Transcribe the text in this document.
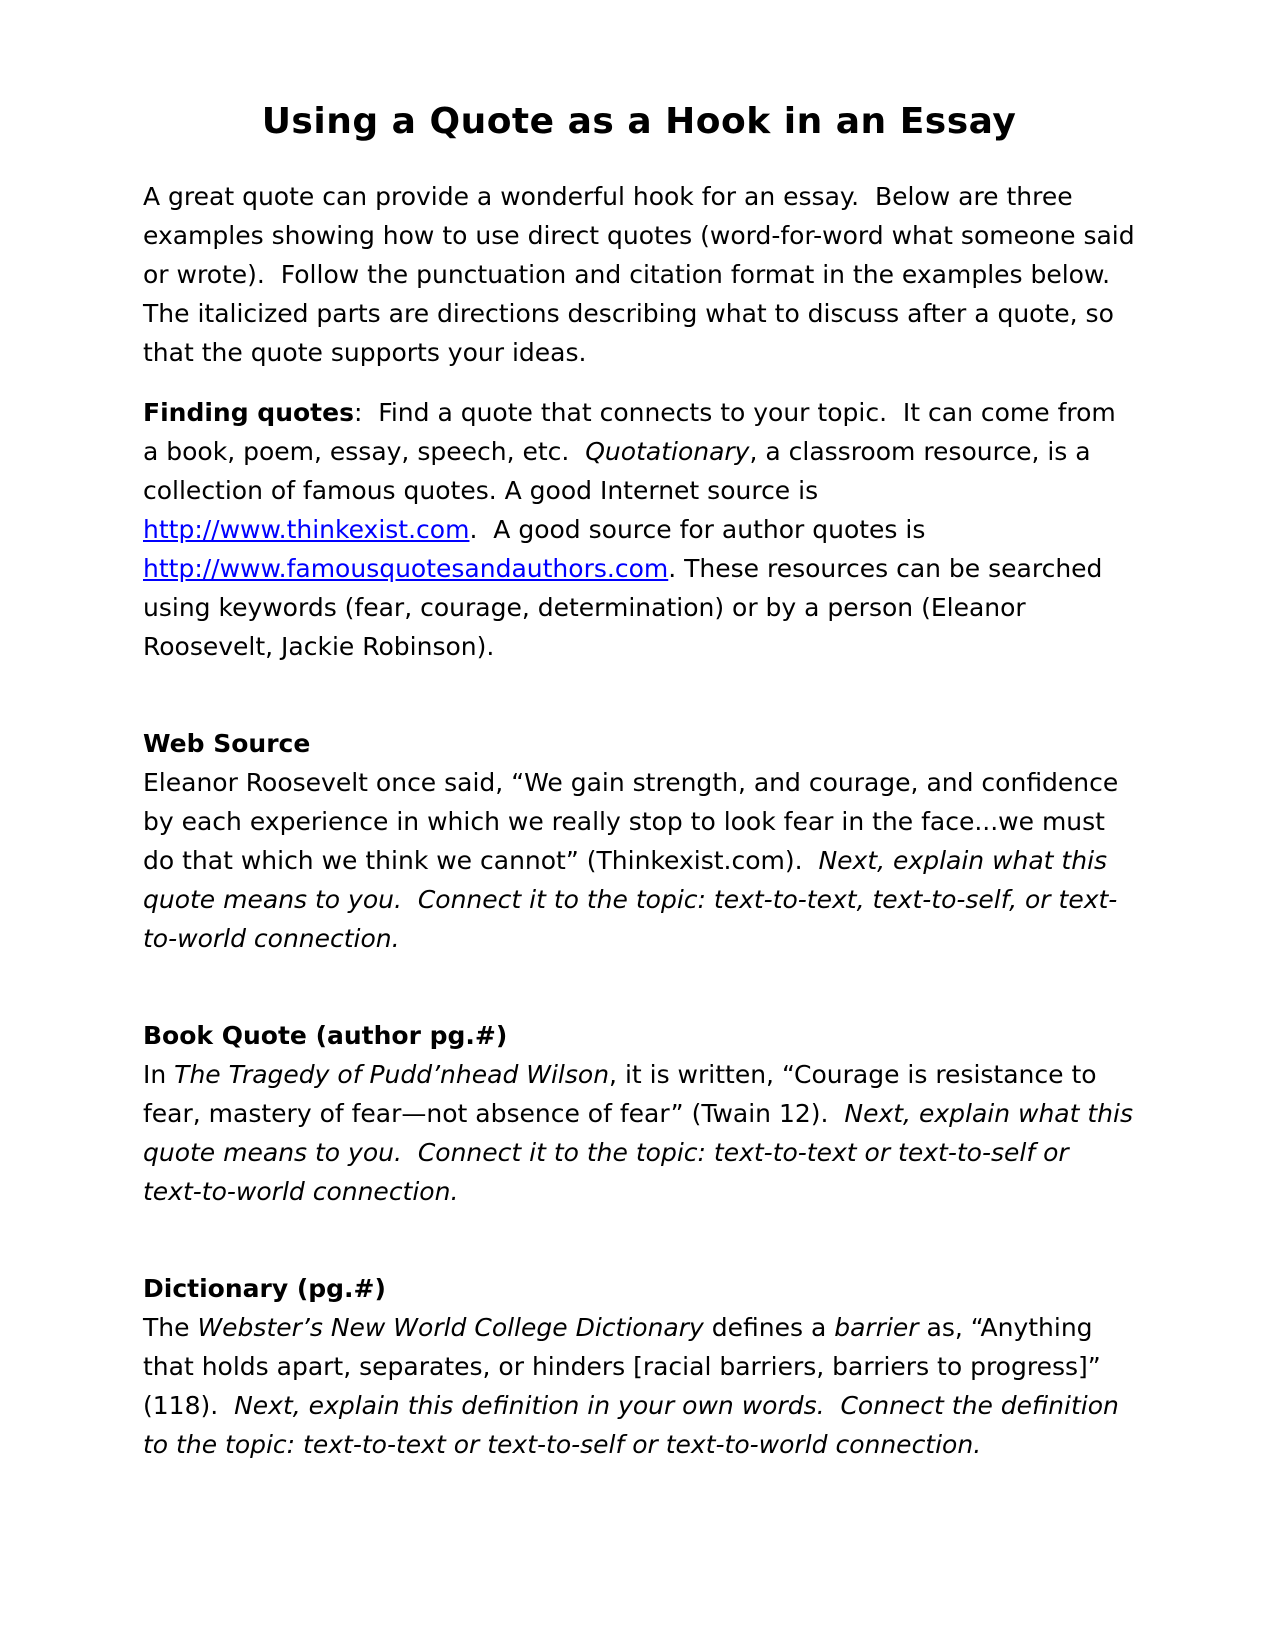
Using a Quote as a Hook in an Essay

A great quote can provide a wonderful hook for an essay.  Below are three examples showing how to use direct quotes (word-for-word what someone said or wrote).  Follow the punctuation and citation format in the examples below.  The italicized parts are directions describing what to discuss after a quote, so that the quote supports your ideas.

Finding quotes:  Find a quote that connects to your topic.  It can come from a book, poem, essay, speech, etc.  Quotationary, a classroom resource, is a collection of famous quotes. A good Internet source is http://www.thinkexist.com.  A good source for author quotes is http://www.famousquotesandauthors.com. These resources can be searched using keywords (fear, courage, determination) or by a person (Eleanor Roosevelt, Jackie Robinson).

Web Source

Eleanor Roosevelt once said, “We gain strength, and courage, and confidence by each experience in which we really stop to look fear in the face...we must do that which we think we cannot” (Thinkexist.com).  Next, explain what this quote means to you.  Connect it to the topic: text-to-text, text-to-self, or text-to-world connection.

Book Quote (author pg.#)

In The Tragedy of Pudd’nhead Wilson, it is written, “Courage is resistance to fear, mastery of fear—not absence of fear” (Twain 12).  Next, explain what this quote means to you.  Connect it to the topic: text-to-text or text-to-self or text-to-world connection.

Dictionary (pg.#)

The Webster’s New World College Dictionary defines a barrier as, “Anything that holds apart, separates, or hinders [racial barriers, barriers to progress]” (118).  Next, explain this definition in your own words.  Connect the definition to the topic: text-to-text or text-to-self or text-to-world connection.
